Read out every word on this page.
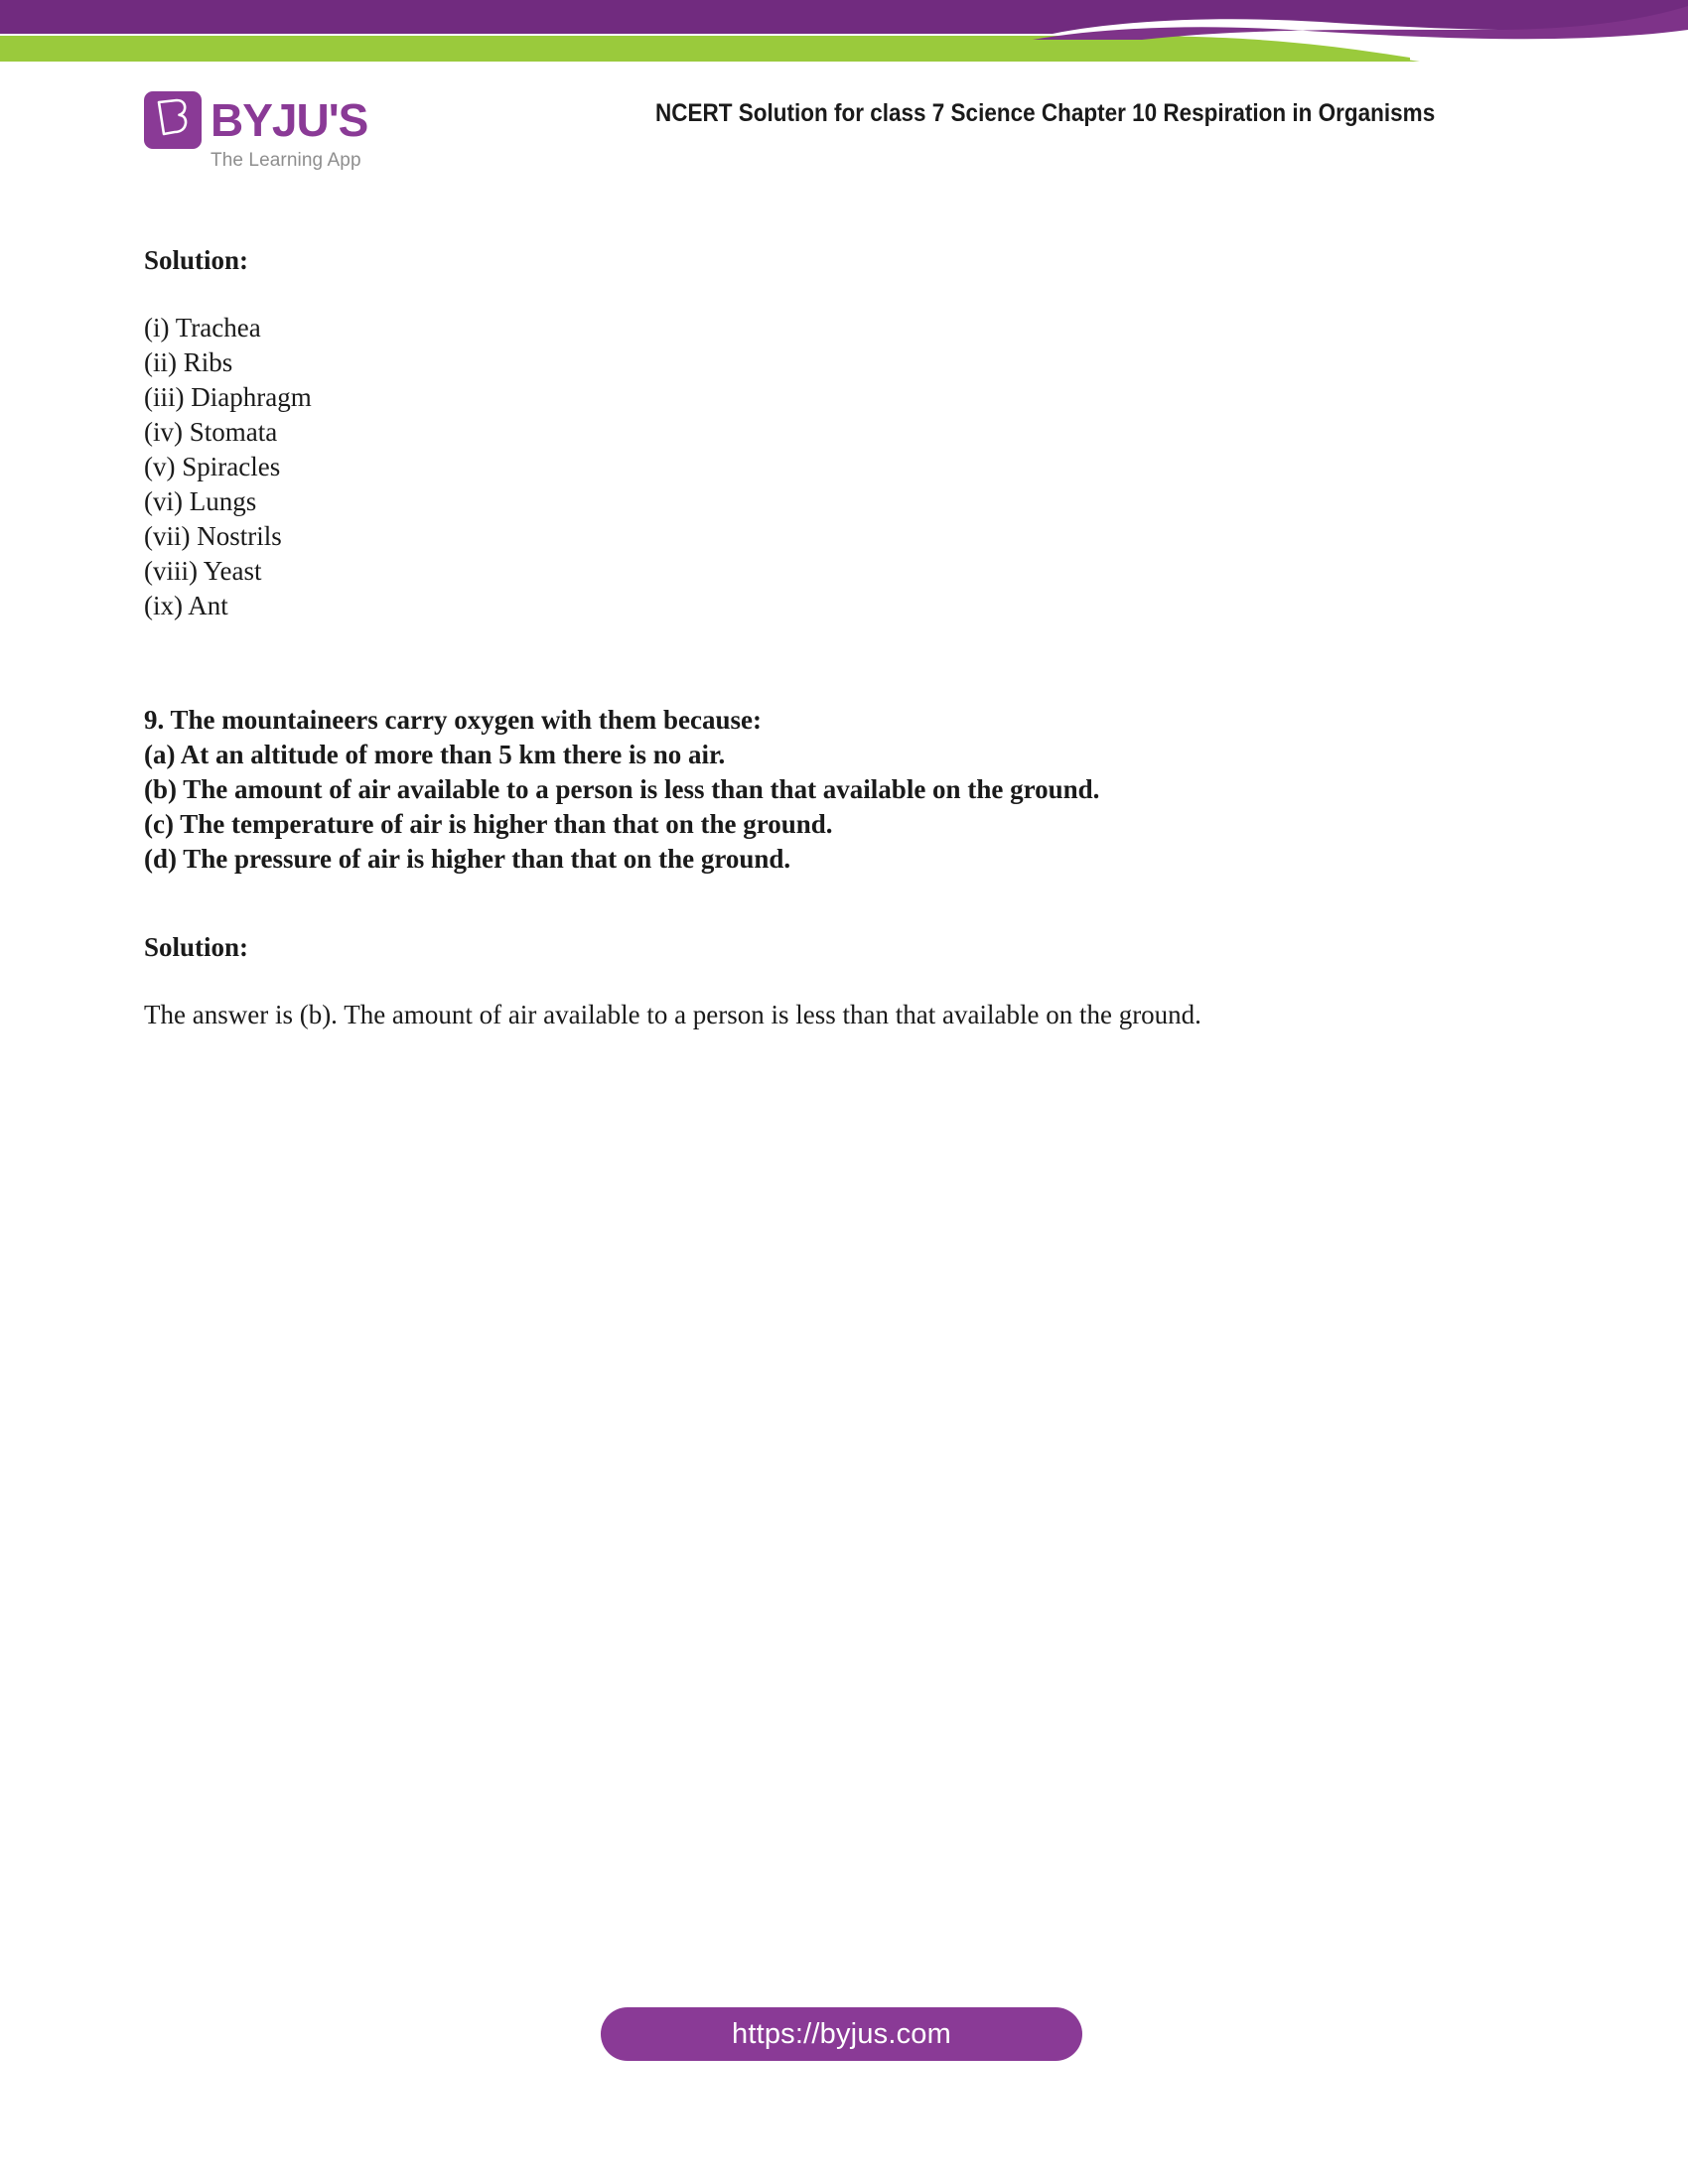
BYJU'S
The Learning App
NCERT Solution for class 7 Science Chapter 10 Respiration in Organisms
Solution:
(i) Trachea
(ii) Ribs
(iii) Diaphragm
(iv) Stomata
(v) Spiracles
(vi) Lungs
(vii) Nostrils
(viii) Yeast
(ix) Ant
9. The mountaineers carry oxygen with them because:
(a) At an altitude of more than 5 km there is no air.
(b) The amount of air available to a person is less than that available on the ground.
(c) The temperature of air is higher than that on the ground.
(d) The pressure of air is higher than that on the ground.
Solution:
The answer is (b). The amount of air available to a person is less than that available on the ground.
https://byjus.com
